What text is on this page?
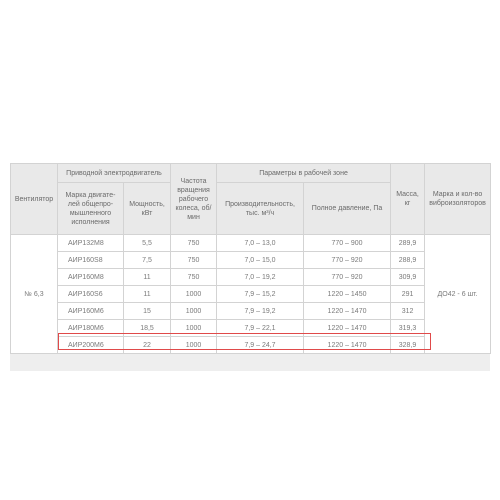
Вентилятор	Приводной электродвигатель		Частота вращения рабочего колеса, об/мин	Параметры в рабочей зоне		Масса, кг	Марка и кол-во виброизоляторов
	Марка двигате-лей общепро-мышленного исполнения	Мощность, кВт		Производительность, тыс. м³/ч	Полное давление, Па		
№ 6,3	АИР132М8	5,5	750	7,0 – 13,0	770 – 900	289,9	ДО42 - 6 шт.
	АИР160S8	7,5	750	7,0 – 15,0	770 – 920	288,9	
	АИР160М8	11	750	7,0 – 19,2	770 – 920	309,9	
	АИР160S6	11	1000	7,9 – 15,2	1220 – 1450	291	
	АИР160М6	15	1000	7,9 – 19,2	1220 – 1470	312	
	АИР180М6	18,5	1000	7,9 – 22,1	1220 – 1470	319,3	
	АИР200М6	22	1000	7,9 – 24,7	1220 – 1470	328,9	
